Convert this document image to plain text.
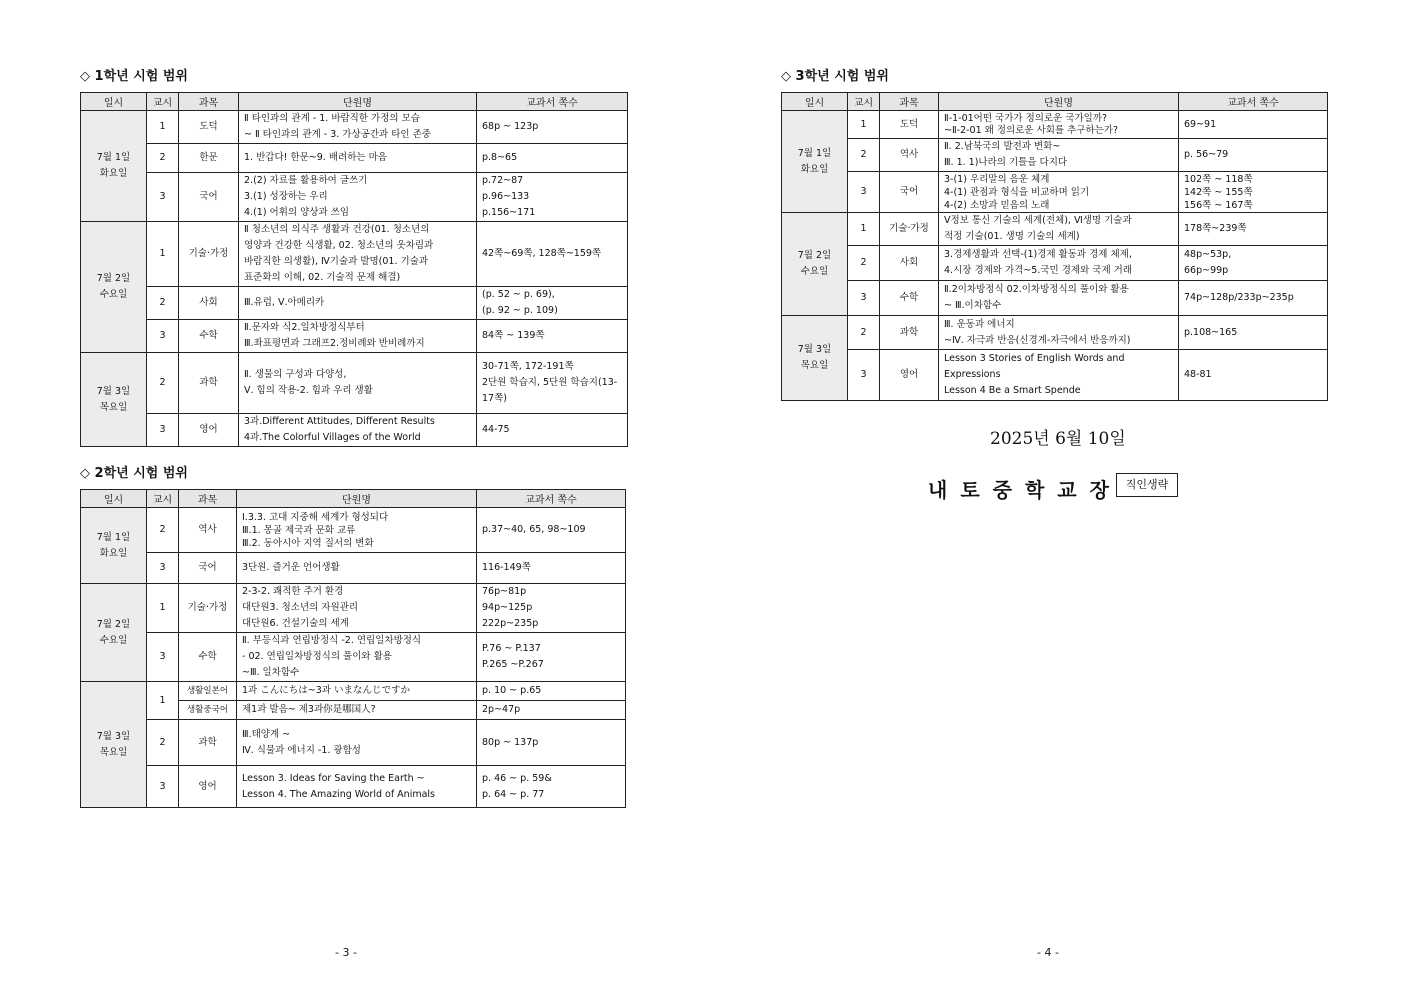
◇ 1학년 시험 범위
일시	교시	과목	단원명	교과서 쪽수
7월 1일
화요일	1	도덕	Ⅱ 타인과의 관계 - 1. 바람직한 가정의 모습
~ Ⅱ 타인과의 관계 - 3. 가상공간과 타인 존중	68p ~ 123p
	2	한문	1. 반갑다! 한문~9. 배려하는 마음	p.8~65
	3	국어	2.(2) 자료를 활용하여 글쓰기
3.(1) 성장하는 우리
4.(1) 어휘의 양상과 쓰임	p.72~87
p.96~133
p.156~171
7월 2일
수요일	1	기술·가정	Ⅱ 청소년의 의식주 생활과 건강(01. 청소년의
영양과 건강한 식생활, 02. 청소년의 옷차림과
바람직한 의생활), Ⅳ기술과 발명(01. 기술과
표준화의 이해, 02. 기술적 문제 해결)	42쪽~69쪽, 128쪽~159쪽
	2	사회	Ⅲ.유럽, Ⅴ.아메리카	(p. 52 ~ p. 69),
(p. 92 ~ p. 109)
	3	수학	Ⅱ.문자와 식2.일차방정식부터
Ⅲ.좌표평면과 그래프2.정비례와 반비례까지	84쪽 ~ 139쪽
7월 3일
목요일	2	과학	Ⅱ. 생물의 구성과 다양성,
Ⅴ. 힘의 작용-2. 힘과 우리 생활	30-71쪽, 172-191쪽
2단원 학습지, 5단원 학습지(13-17쪽)
	3	영어	3과.Different Attitudes, Different Results
4과.The Colorful Villages of the World	44-75
◇ 2학년 시험 범위
일시	교시	과목	단원명	교과서 쪽수
7월 1일
화요일	2	역사	Ⅰ.3.3. 고대 지중해 세계가 형성되다
Ⅲ.1. 몽골 제국과 문화 교류
Ⅲ.2. 동아시아 지역 질서의 변화	p.37~40, 65, 98~109
	3	국어	3단원. 즐거운 언어생활	116-149쪽
7월 2일
수요일	1	기술·가정	2-3-2. 쾌적한 주거 환경
대단원3. 청소년의 자원관리
대단원6. 건설기술의 세계	76p~81p
94p~125p
222p~235p
	3	수학	Ⅱ. 부등식과 연립방정식 -2. 연립일차방정식
- 02. 연립일차방정식의 풀이와 활용
~Ⅲ. 일차함수	P.76 ~ P.137
P.265 ~P.267
7월 3일
목요일	1	생활일본어	1과 こんにちは~3과 いまなんじですか	p. 10 ~ p.65
		생활중국어	제1과 발음~ 제3과你是哪国人?	2p~47p
	2	과학	Ⅲ.태양계 ~
Ⅳ. 식물과 에너지 -1. 광합성	80p ~ 137p
	3	영어	Lesson 3. Ideas for Saving the Earth ~
Lesson 4. The Amazing World of Animals	p. 46 ~ p. 59&
p. 64 ~ p. 77
◇ 3학년 시험 범위
일시	교시	과목	단원명	교과서 쪽수
7월 1일
화요일	1	도덕	Ⅱ-1-01어떤 국가가 정의로운 국가일까?
~Ⅱ-2-01 왜 정의로운 사회를 추구하는가?	69~91
	2	역사	Ⅱ. 2.남북국의 발전과 변화~
Ⅲ. 1. 1)나라의 기틀을 다지다	p. 56~79
	3	국어	3-(1) 우리말의 음운 체계
4-(1) 관점과 형식을 비교하며 읽기
4-(2) 소망과 믿음의 노래	102쪽 ~ 118쪽
142쪽 ~ 155쪽
156쪽 ~ 167쪽
7월 2일
수요일	1	기술·가정	Ⅴ정보 통신 기술의 세계(전체), Ⅵ생명 기술과
적정 기술(01. 생명 기술의 세계)	178쪽~239쪽
	2	사회	3.경제생활과 선택-(1)경제 활동과 경제 체제,
4.시장 경제와 가격~5.국민 경제와 국제 거래	48p~53p,
66p~99p
	3	수학	Ⅱ.2이차방정식 02.이차방정식의 풀이와 활용
~ Ⅲ.이차함수	74p~128p/233p~235p
7월 3일
목요일	2	과학	Ⅲ. 운동과 에너지
~Ⅳ. 자극과 반응(신경계-자극에서 반응까지)	p.108~165
	3	영어	Lesson 3 Stories of English Words and
Expressions
Lesson 4 Be a Smart Spende	48-81
2025년 6월 10일
내토중학교장 직인생략
- 3 -	- 4 -
